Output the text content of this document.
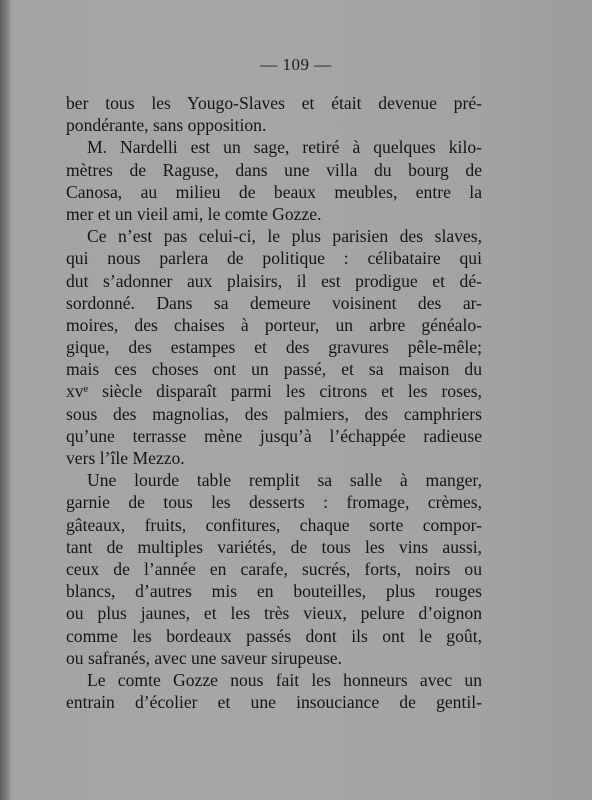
— 109 —
ber tous les Yougo-Slaves et était devenue pré-
pondérante, sans opposition.
M. Nardelli est un sage, retiré à quelques kilo-
mètres de Raguse, dans une villa du bourg de
Canosa, au milieu de beaux meubles, entre la
mer et un vieil ami, le comte Gozze.
Ce n’est pas celui-ci, le plus parisien des slaves,
qui nous parlera de politique : célibataire qui
dut s’adonner aux plaisirs, il est prodigue et dé-
sordonné. Dans sa demeure voisinent des ar-
moires, des chaises à porteur, un arbre généalo-
gique, des estampes et des gravures pêle-mêle;
mais ces choses ont un passé, et sa maison du
xvᵉ siècle disparaît parmi les citrons et les roses,
sous des magnolias, des palmiers, des camphriers
qu’une terrasse mène jusqu’à l’échappée radieuse
vers l’île Mezzo.
Une lourde table remplit sa salle à manger,
garnie de tous les desserts : fromage, crèmes,
gâteaux, fruits, confitures, chaque sorte compor-
tant de multiples variétés, de tous les vins aussi,
ceux de l’année en carafe, sucrés, forts, noirs ou
blancs, d’autres mis en bouteilles, plus rouges
ou plus jaunes, et les très vieux, pelure d’oignon
comme les bordeaux passés dont ils ont le goût,
ou safranés, avec une saveur sirupeuse.
Le comte Gozze nous fait les honneurs avec un
entrain d’écolier et une insouciance de gentil-
